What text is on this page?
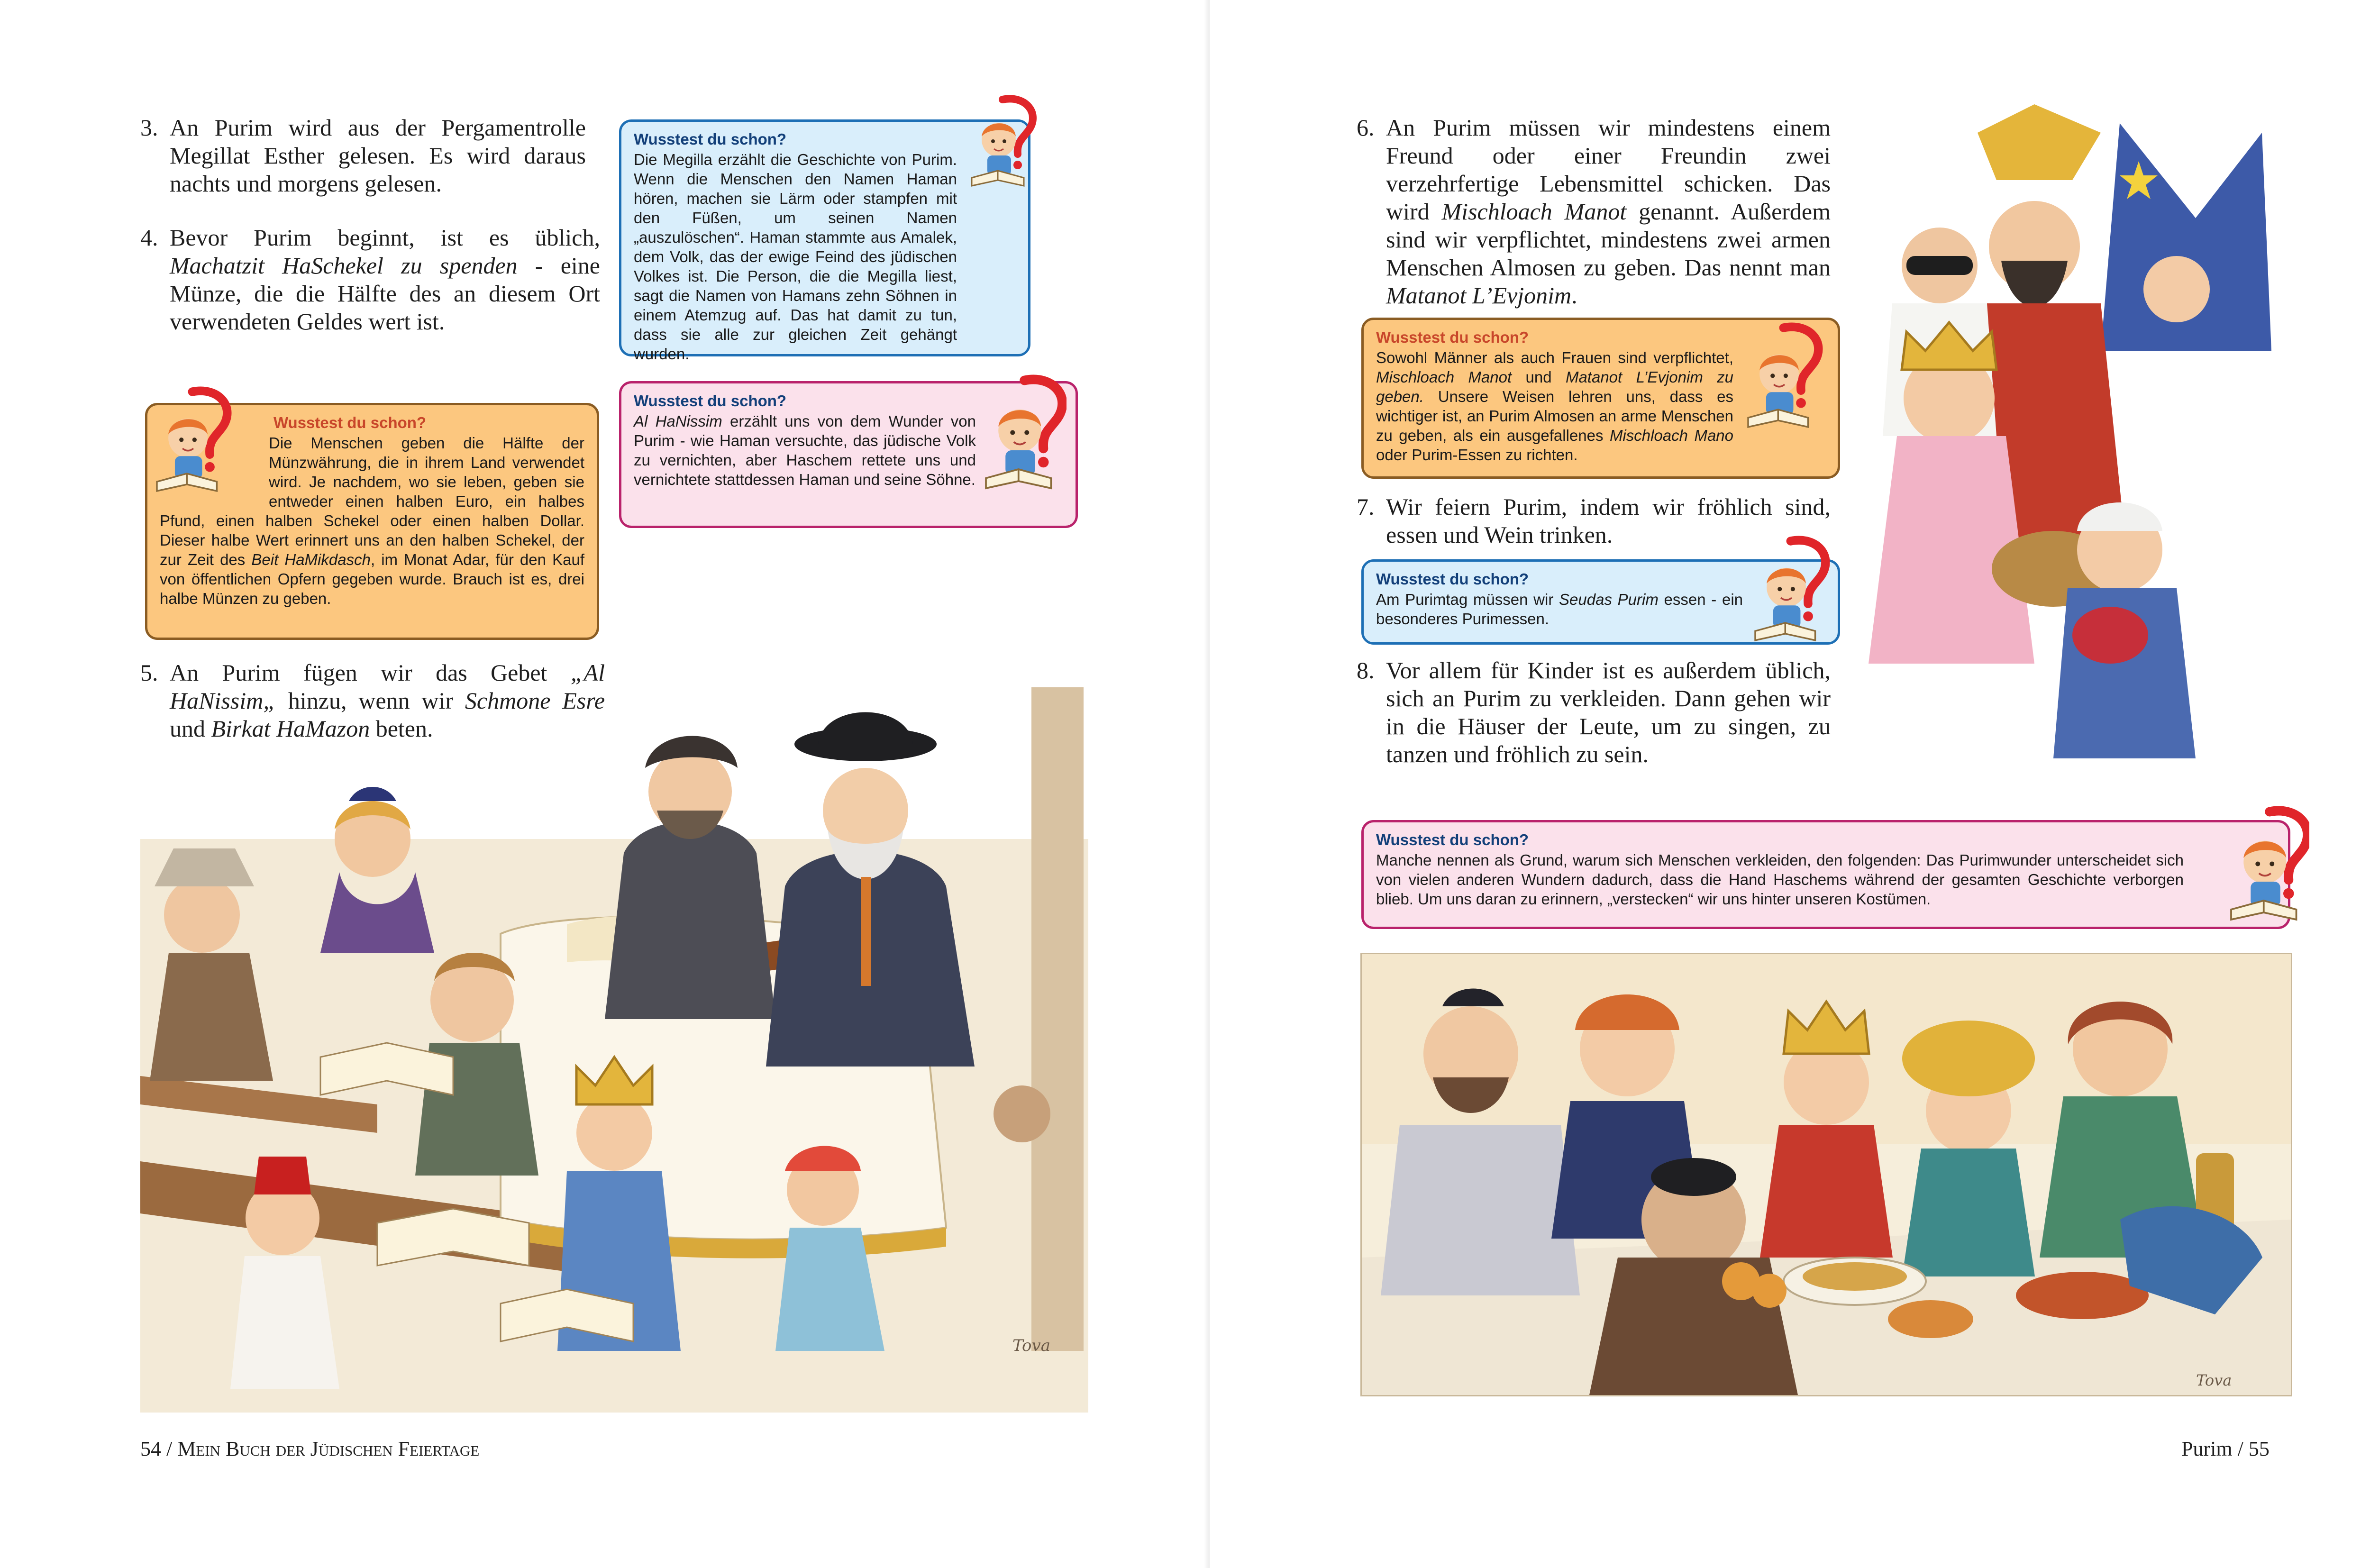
3. An Purim wird aus der Pergamentrolle Megillat Esther gelesen. Es wird daraus nachts und morgens gelesen.
4. Bevor Purim beginnt, ist es üblich, Machatzit HaSchekel zu spenden - eine Münze, die die Hälfte des an diesem Ort verwendeten Geldes wert ist.
5. An Purim fügen wir das Gebet „Al HaNissim„ hinzu, wenn wir Schmone Esre und Birkat HaMazon beten.
Wusstest du schon?
Die Megilla erzählt die Geschichte von Purim. Wenn die Menschen den Namen Haman hören, machen sie Lärm oder stampfen mit den Füßen, um seinen Namen „auszulöschen“. Haman stammte aus Amalek, dem Volk, das der ewige Feind des jüdischen Volkes ist. Die Person, die die Megilla liest, sagt die Namen von Hamans zehn Söhnen in einem Atemzug auf. Das hat damit zu tun, dass sie alle zur gleichen Zeit gehängt wurden.
Wusstest du schon?
Al HaNissim erzählt uns von dem Wunder von Purim - wie Haman versuchte, das jüdische Volk zu vernichten, aber Haschem rettete uns und vernichtete stattdessen Haman und seine Söhne.
Wusstest du schon?
Die Menschen geben die Hälfte der Münzwährung, die in ihrem Land verwendet wird. Je nachdem, wo sie leben, geben sie entweder einen halben Euro, ein halbes Pfund, einen halben Schekel oder einen halben Dollar. Dieser halbe Wert erinnert uns an den halben Schekel, der zur Zeit des Beit HaMikdasch, im Monat Adar, für den Kauf von öffentlichen Opfern gegeben wurde. Brauch ist es, drei halbe Münzen zu geben.
Tova
54 / Mein Buch der Jüdischen Feiertage
6. An Purim müssen wir mindestens einem Freund oder einer Freundin zwei verzehrfertige Lebensmittel schicken. Das wird Mischloach Manot genannt. Außerdem sind wir verpflichtet, mindestens zwei armen Menschen Almosen zu geben. Das nennt man Matanot L’Evjonim.
Wusstest du schon?
Sowohl Männer als auch Frauen sind verpflichtet, Mischloach Manot und Matanot L’Evjonim zu geben. Unsere Weisen lehren uns, dass es wichtiger ist, an Purim Almosen an arme Menschen zu geben, als ein ausgefallenes Mischloach Mano oder Purim-Essen zu richten.
7. Wir feiern Purim, indem wir fröhlich sind, essen und Wein trinken.
Wusstest du schon?
Am Purimtag müssen wir Seudas Purim essen - ein besonderes Purimessen.
8. Vor allem für Kinder ist es außerdem üblich, sich an Purim zu verkleiden. Dann gehen wir in die Häuser der Leute, um zu singen, zu tanzen und fröhlich zu sein.
Wusstest du schon?
Manche nennen als Grund, warum sich Menschen verkleiden, den folgenden: Das Purimwunder unterscheidet sich von vielen anderen Wundern dadurch, dass die Hand Haschems während der gesamten Geschichte verborgen blieb. Um uns daran zu erinnern, „verstecken“ wir uns hinter unseren Kostümen.
Tova
Purim / 55
